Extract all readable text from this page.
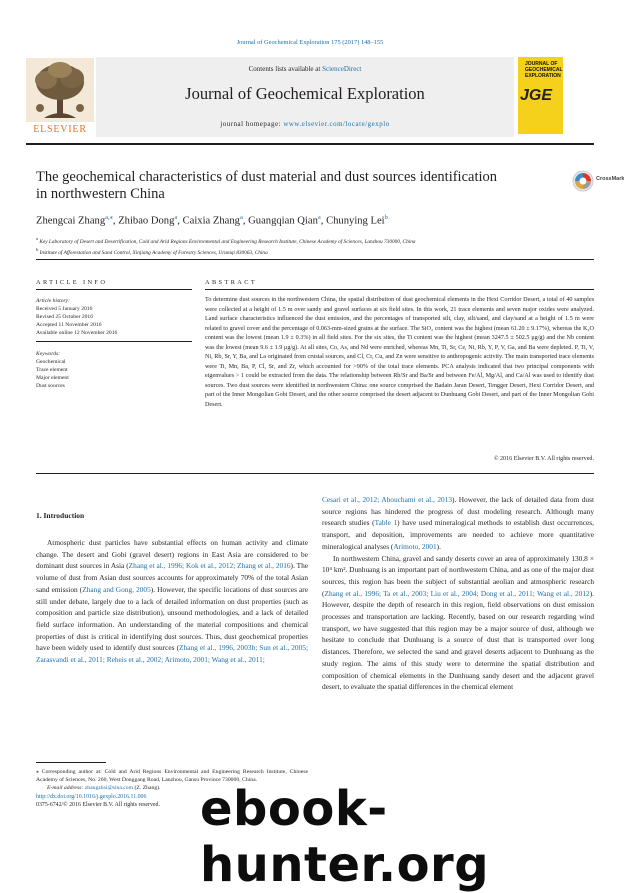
Journal of Geochemical Exploration 175 (2017) 148–155
Contents lists available at ScienceDirect
Journal of Geochemical Exploration
journal homepage: www.elsevier.com/locate/gexplo
ELSEVIER
JOURNAL OF
GEOCHEMICAL
EXPLORATION
JGE
The geochemical characteristics of dust material and dust sources identification in northwestern China
CrossMark
Zhengcai Zhang$^{a,⁎}$, Zhibao Dong$^a$, Caixia Zhang$^a$, Guangqian Qian$^a$, Chunying Lei$^b$
$^a$ Key Laboratory of Desert and Desertification, Cold and Arid Regions Environmental and Engineering Research Institute, Chinese Academy of Sciences, Lanzhou 730000, China
$^b$ Institute of Afforestation and Sand Control, Xinjiang Academy of Forestry Sciences, Urumqi 830063, China
ARTICLE INFO	ABSTRACT
Article history:
Received 5 January 2016
Revised 25 October 2016
Accepted 11 November 2016
Available online 12 November 2016
Keywords:
Geochemical
Trace element
Major element
Dust sources
To determine dust sources in the northwestern China, the spatial distribution of dust geochemical elements in the Hexi Corridor Desert, a total of 40 samples were collected at a height of 1.5 m over sandy and gravel surfaces at six field sites. In this work, 21 trace elements and seven major oxides were analyzed. Land surface characteristics influenced the dust emission, and the percentages of transported silt, clay, silt/sand, and clay/sand at a height of 1.5 m were related to gravel cover and the percentage of 0.063-mm-sized grains at the surface. The SiO₂ content was the highest (mean 61.20 ± 9.17%), whereas the K₂O content was the lowest (mean 1.9 ± 0.3%) in all field sites. For the six sites, the Ti content was the highest (mean 3247.5 ± 502.5 μg/g) and the Nb content was the lowest (mean 9.6 ± 1.9 μg/g). At all sites, Co, As, and Nd were enriched, whereas Mn, Ti, Sr, Ce, Ni, Rb, Y, P, V, Ga, and Ba were depleted. P, Ti, V, Ni, Rb, Sr, Y, Ba, and La originated from crustal sources, and Cl, Cr, Cu, and Zn were sensitive to anthropogenic activity. The main transported trace elements were Ti, Mn, Ba, P, Cl, Sr, and Zr, which accounted for >90% of the total trace elements. PCA analysis indicated that two principal components with eigenvalues > 1 could be extracted from the data. The relationship between Rb/Sr and Ba/Sr and between Fe/Al, Mg/Al, and Ca/Al was used to identify dust sources. Two dust sources were identified in northwestern China: one source comprised the Badain Jaran Desert, Tengger Desert, Hexi Corridor Desert, and part of the Inner Mongolian Gobi Desert, and the other source comprised the desert adjacent to Dunhuang Gobi Desert, and part of the Inner Mongolian Gobi Desert.
© 2016 Elsevier B.V. All rights reserved.
1. Introduction
Atmospheric dust particles have substantial effects on human activity and climate change. The desert and Gobi (gravel desert) regions in East Asia are considered to be dominant dust sources in Asia (Zhang et al., 1996; Kok et al., 2012; Zhang et al., 2016). The volume of dust from Asian dust sources accounts for approximately 70% of the total Asian sand emission (Zhang and Gong, 2005). However, the specific locations of dust sources are still under debate, largely due to a lack of detailed information on dust properties (such as composition and particle size distribution), unsound methodologies, and a lack of detailed field surface information. An understanding of the material compositions and chemical properties of dust is critical in identifying dust sources. Thus, dust geochemical properties have been widely used to identify dust sources (Zhang et al., 1996, 2003b; Sun et al., 2005; Zarasvandi et al., 2011; Reheis et al., 2002; Arimoto, 2001; Wang et al., 2011;
Cesari et al., 2012; Abouchami et al., 2013). However, the lack of detailed data from dust source regions has hindered the progress of dust modeling research. Although many research studies (Table 1) have used mineralogical methods to establish dust occurrences, transport, and deposition, improvements are needed to achieve more quantitative mineralogical analyses (Arimoto, 2001).
In northwestern China, gravel and sandy deserts cover an area of approximately 130.8 × 10⁴ km². Dunhuang is an important part of northwestern China, and as one of the major dust sources, this region has been the subject of substantial aeolian and atmospheric research (Zhang et al., 1996; Ta et al., 2003; Liu et al., 2004; Dong et al., 2011; Wang et al., 2012). However, despite the depth of research in this region, field observations on dust emission processes and transportation are lacking. Recently, based on our research regarding wind transport, we have suggested that this region may be a major source of dust, although we hesitate to conclude that Dunhuang is a source of dust that is transported over long distances. Therefore, we selected the sand and gravel deserts adjacent to Dunhuang as the study region. The aims of this study were to determine the spatial distribution and composition of chemical elements in the Dunhuang sandy desert and the adjacent gravel desert, to evaluate the spatial differences in the chemical element
⁎ Corresponding author at: Cold and Arid Regions Environmental and Engineering Research Institute, Chinese Academy of Sciences, No. 260, West Donggang Road, Lanzhou, Gansu Province 730000, China.
E-mail address: zhangzhsi@sina.com (Z. Zhang).
http://dx.doi.org/10.1016/j.gexplo.2016.11.006
0375-6742/© 2016 Elsevier B.V. All rights reserved. ebook-hunter.org
